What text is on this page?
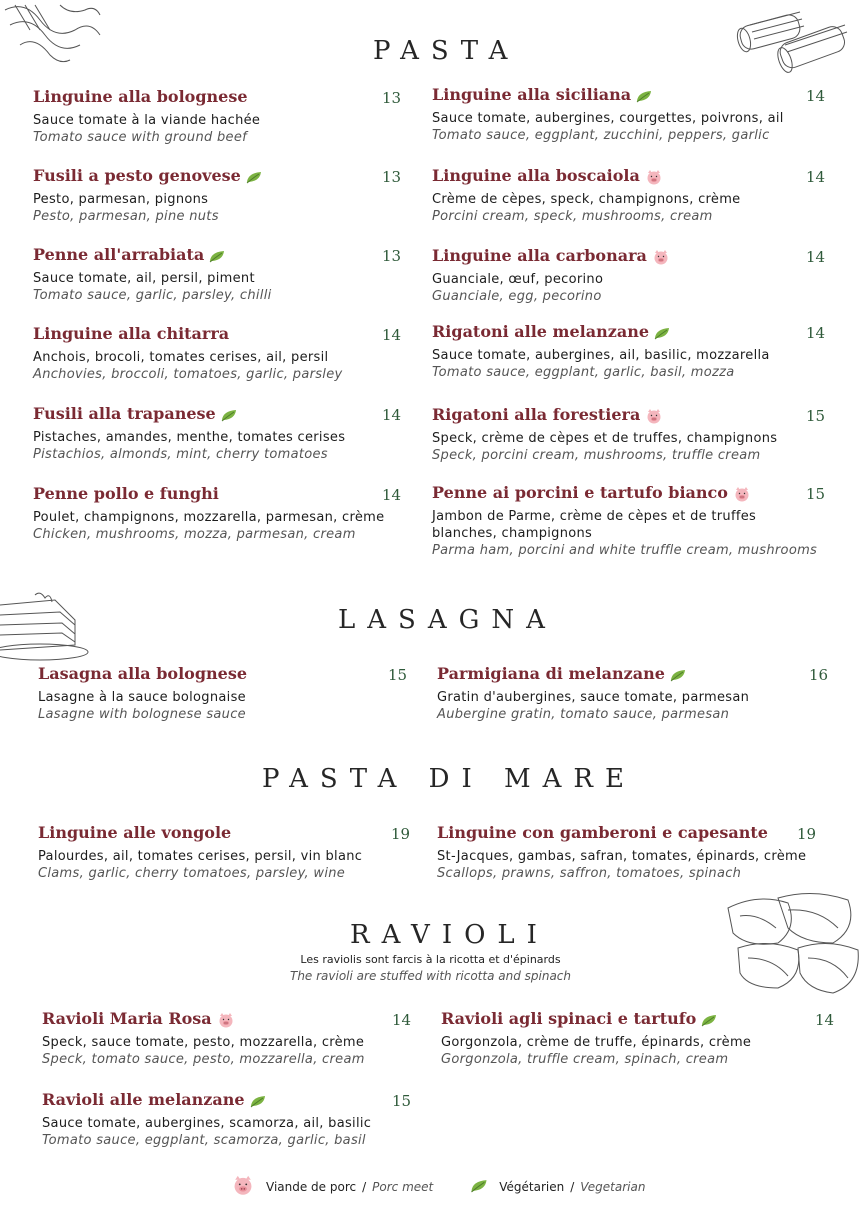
PASTA
LASAGNA
PASTA DI MARE
RAVIOLI
Les raviolis sont farcis à la ricotta et d'épinards
The ravioli are stuffed with ricotta and spinach
Linguine alla bolognese
Sauce tomate à la viande hachée
Tomato sauce with ground beef
13
Fusili a pesto genovese
Pesto, parmesan, pignons
Pesto, parmesan, pine nuts
13
Penne all'arrabiata
Sauce tomate, ail, persil, piment
Tomato sauce, garlic, parsley, chilli
13
Linguine alla chitarra
Anchois, brocoli, tomates cerises, ail, persil
Anchovies, broccoli, tomatoes, garlic, parsley
14
Fusili alla trapanese
Pistaches, amandes, menthe, tomates cerises
Pistachios, almonds, mint, cherry tomatoes
14
Penne pollo e funghi
Poulet, champignons, mozzarella, parmesan, crème
Chicken, mushrooms, mozza, parmesan, cream
14
Linguine alla siciliana
Sauce tomate, aubergines, courgettes, poivrons, ail
Tomato sauce, eggplant, zucchini, peppers, garlic
14
Linguine alla boscaiola
Crème de cèpes, speck, champignons, crème
Porcini cream, speck, mushrooms, cream
14
Linguine alla carbonara
Guanciale, œuf, pecorino
Guanciale, egg, pecorino
14
Rigatoni alle melanzane
Sauce tomate, aubergines, ail, basilic, mozzarella
Tomato sauce, eggplant, garlic, basil, mozza
14
Rigatoni alla forestiera
Speck, crème de cèpes et de truffes, champignons
Speck, porcini cream, mushrooms, truffle cream
15
Penne ai porcini e tartufo bianco
Jambon de Parme, crème de cèpes et de truffes blanches, champignons
Parma ham, porcini and white truffle cream, mushrooms
15
Lasagna alla bolognese
Lasagne à la sauce bolognaise
Lasagne with bolognese sauce
15 Parmigiana di melanzane
Gratin d'aubergines, sauce tomate, parmesan
Aubergine gratin, tomato sauce, parmesan
16
Linguine alle vongole
Palourdes, ail, tomates cerises, persil, vin blanc
Clams, garlic, cherry tomatoes, parsley, wine
19 Linguine con gamberoni e capesante
St-Jacques, gambas, safran, tomates, épinards, crème
Scallops, prawns, saffron, tomatoes, spinach
19
Ravioli Maria Rosa
Speck, sauce tomate, pesto, mozzarella, crème
Speck, tomato sauce, pesto, mozzarella, cream
14 Ravioli agli spinaci e tartufo
Gorgonzola, crème de truffe, épinards, crème
Gorgonzola, truffle cream, spinach, cream
14
Ravioli alle melanzane
Sauce tomate, aubergines, scamorza, ail, basilic
Tomato sauce, eggplant, scamorza, garlic, basil
15
Viande de porc / Porc meet	Végétarien / Vegetarian
